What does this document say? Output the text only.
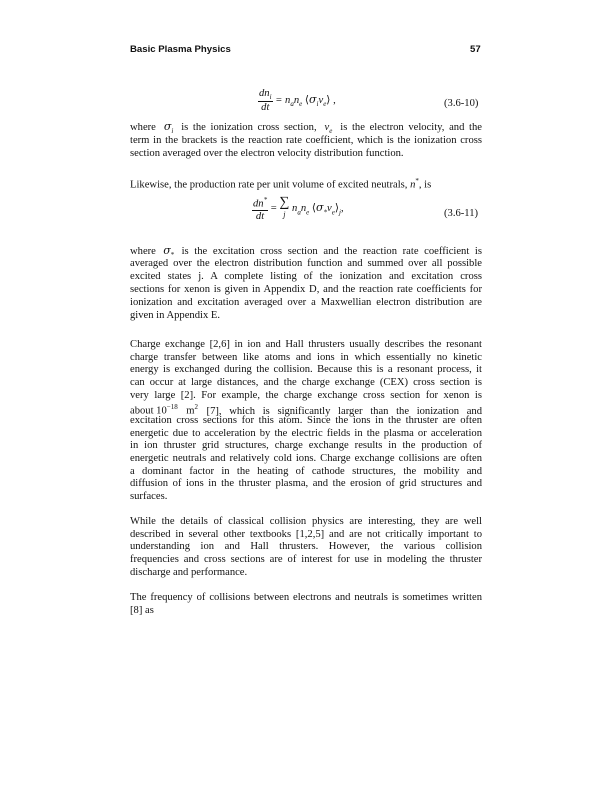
Basic Plasma Physics	57
$\frac{dn_i}{dt} = n_an_e$ $⟨\sigma_iv_e⟩$ ,	(3.6-10)
where $\sigma_i$ is the ionization cross section, $v_e$ is the electron velocity, and the
term in the brackets is the reaction rate coefficient, which is the ionization cross
section averaged over the electron velocity distribution function.
Likewise, the production rate per unit volume of excited neutrals, n*, is
$\frac{dn^*}{dt}$ = ∑
j
$n_an_e$ $⟨\sigma_*v_e⟩_j$,	(3.6-11)
where $\sigma_*$ is the excitation cross section and the reaction rate coefficient is
averaged over the electron distribution function and summed over all possible
excited states j. A complete listing of the ionization and excitation cross
sections for xenon is given in Appendix D, and the reaction rate coefficients for
ionization and excitation averaged over a Maxwellian electron distribution are
given in Appendix E.
Charge exchange [2,6] in ion and Hall thrusters usually describes the resonant
charge transfer between like atoms and ions in which essentially no kinetic
energy is exchanged during the collision. Because this is a resonant process, it
can occur at large distances, and the charge exchange (CEX) cross section is
very large [2]. For example, the charge exchange cross section for xenon is
about $10^{-18}$ $m^2$ [7], which is significantly larger than the ionization and
excitation cross sections for this atom. Since the ions in the thruster are often
energetic due to acceleration by the electric fields in the plasma or acceleration
in ion thruster grid structures, charge exchange results in the production of
energetic neutrals and relatively cold ions. Charge exchange collisions are often
a dominant factor in the heating of cathode structures, the mobility and
diffusion of ions in the thruster plasma, and the erosion of grid structures and
surfaces.
While the details of classical collision physics are interesting, they are well
described in several other textbooks [1,2,5] and are not critically important to
understanding ion and Hall thrusters. However, the various collision
frequencies and cross sections are of interest for use in modeling the thruster
discharge and performance.
The frequency of collisions between electrons and neutrals is sometimes written
[8] as
